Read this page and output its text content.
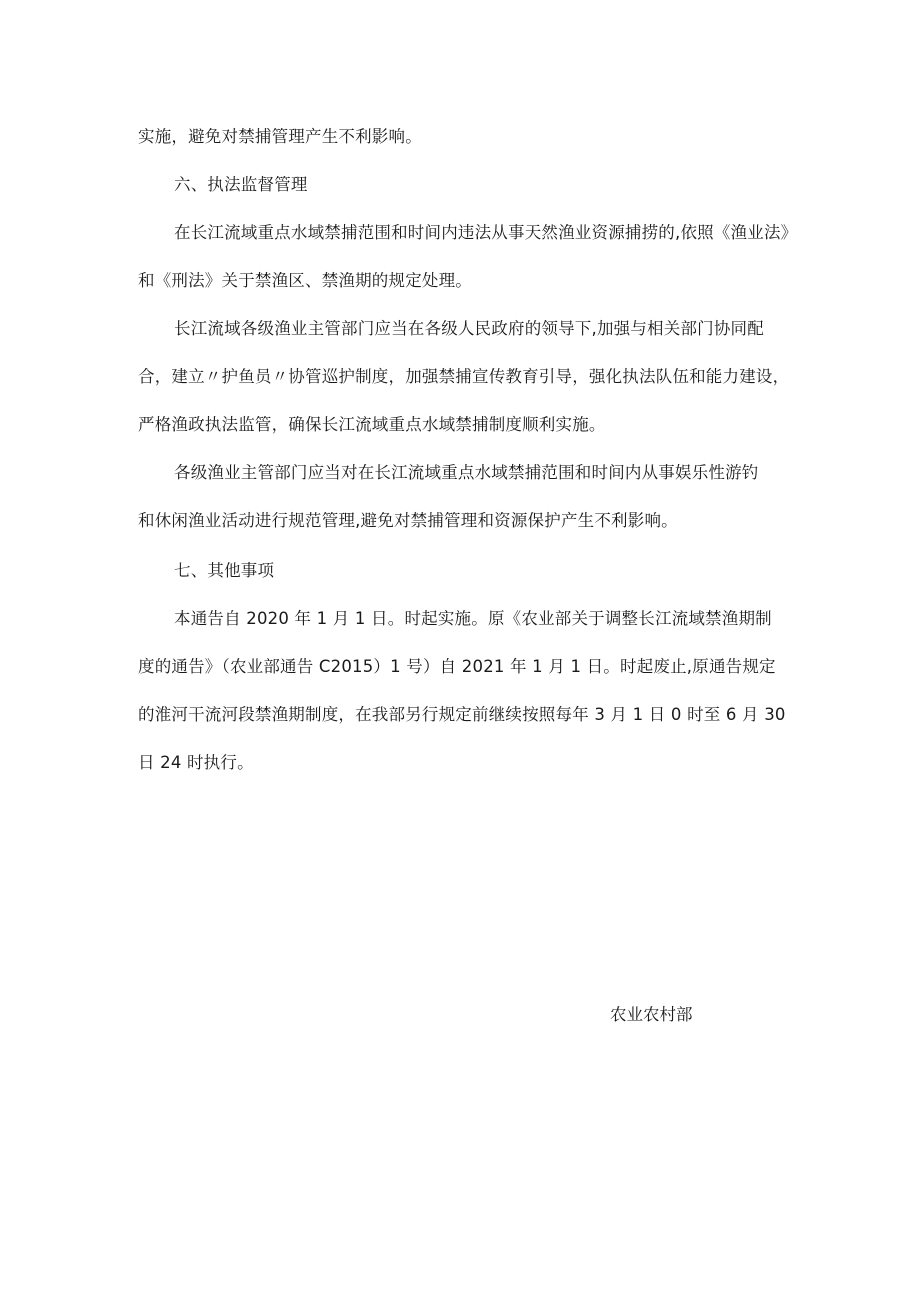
实施，避免对禁捕管理产生不利影响。
六、执法监督管理
在长江流域重点水域禁捕范围和时间内违法从事天然渔业资源捕捞的,依照《渔业法》
和《刑法》关于禁渔区、禁渔期的规定处理。
长江流域各级渔业主管部门应当在各级人民政府的领导下,加强与相关部门协同配
合，建立〃护鱼员〃协管巡护制度，加强禁捕宣传教育引导，强化执法队伍和能力建设，
严格渔政执法监管，确保长江流域重点水域禁捕制度顺利实施。
各级渔业主管部门应当对在长江流域重点水域禁捕范围和时间内从事娱乐性游钓
和休闲渔业活动进行规范管理,避免对禁捕管理和资源保护产生不利影响。
七、其他事项
本通告自 2020 年 1 月 1 日。时起实施。原《农业部关于调整长江流域禁渔期制
度的通告》（农业部通告 C2015）1 号）自 2021 年 1 月 1 日。时起废止,原通告规定
的淮河干流河段禁渔期制度，在我部另行规定前继续按照每年 3 月 1 日 0 时至 6 月 30
日 24 时执行。
农业农村部
